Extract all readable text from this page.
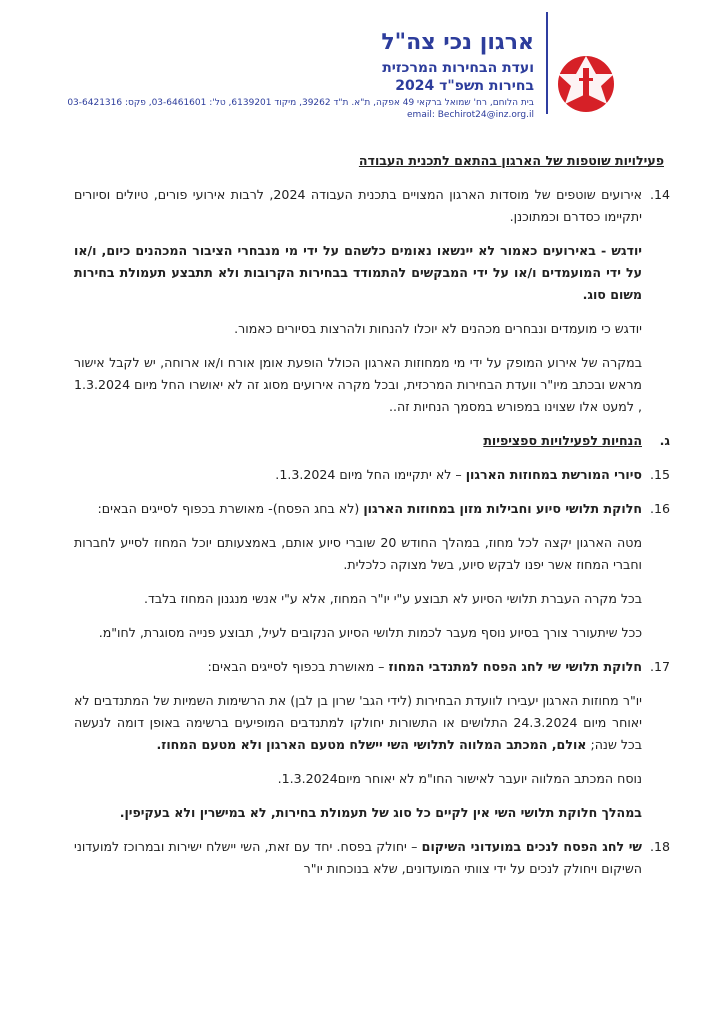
ארגון נכי צה"ל
ועדת הבחירות המרכזית
בחירות תשפ"ד 2024
בית הלוחם, רח' שמואל ברקאי 49 אפקה, ת"א. ת"ד 39262, מיקוד 6139201, טל': 03-6461601, פקס: 03-6421316
email: Bechirot24@inz.org.il
פעילויות שוטפות של הארגון בהתאם לתכנית העבודה
14.
אירועים שוטפים של מוסדות הארגון המצויים בתכנית העבודה 2024, לרבות אירועי פורים, טיולים וסיורים יתקיימו כסדרם וכמתוכנן.
יודגש - באירועים כאמור לא יינשאו נאומים כלשהם על ידי מי מנבחרי הציבור המכהנים כיום, ו/או על ידי המועמדים ו/או על ידי המבקשים להתמודד בבחירות הקרובות ולא תתבצע תעמולת בחירות משום סוג.
יודגש כי מועמדים ונבחרים מכהנים לא יוכלו להנחות ולהרצות בסיורים כאמור.
במקרה של אירוע המופק על ידי מי ממחוזות הארגון הכולל הופעת אומן אורח ו/או ארוחה, יש לקבל אישור מראש ובכתב מיו"ר וועדת הבחירות המרכזית, ובכל מקרה אירועים מסוג זה לא יאושרו החל מיום 1.3.2024 , למעט אלו שצוינו במפורש במסמך הנחיות זה..
ג.
הנחיות לפעילויות ספציפיות
15.
סיורי המורשת במחוזות הארגון – לא יתקיימו החל מיום 1.3.2024.
16.
חלוקת תלושי סיוע וחבילות מזון במחוזות הארגון (לא בחג הפסח)- מאושרת בכפוף לסייגים הבאים:
מטה הארגון יקצה לכל מחוז, במהלך החודש 20 שוברי סיוע אותם, באמצעותם יוכל המחוז לסייע לחברות וחברי המחוז אשר יפנו לבקש סיוע, בשל מצוקה כלכלית.
בכל מקרה העברת תלושי הסיוע לא תבוצע ע"י יו"ר המחוז, אלא ע"י אנשי מנגנון המחוז בלבד.
ככל שיתעורר צורך בסיוע נוסף מעבר לכמות תלושי הסיוע הנקובים לעיל, תבוצע פנייה מסוגרת, לחו"מ.
17.
חלוקת תלושי שי לחג הפסח למתנדבי המחוז – מאושרת בכפוף לסייגים הבאים:
יו"ר מחוזות הארגון יעבירו לוועדת הבחירות (לידי הגב' שרון בן לבן) את הרשימות השמיות של המתנדבים לא יאוחר מיום 24.3.2024 התלושים או התשורות יחולקו למתנדבים המופיעים ברשימה באופן דומה לנעשה בכל שנה; אולם, המכתב המלווה לתלושי השי יישלח מטעם הארגון ולא מטעם המחוז.
נוסח המכתב המלווה יועבר לאישור החו"מ לא יאוחר מיום1.3.2024.
במהלך חלוקת תלושי השי אין לקיים כל סוג של תעמולת בחירות, לא במישרין ולא בעקיפין.
18.
שי לחג הפסח לנכים במועדוני השיקום – יחולק בפסח. יחד עם זאת, השי יישלח ישירות ובמרוכז למועדוני השיקום ויחולק לנכים על ידי צוותי המועדונים, שלא בנוכחות יו"ר
